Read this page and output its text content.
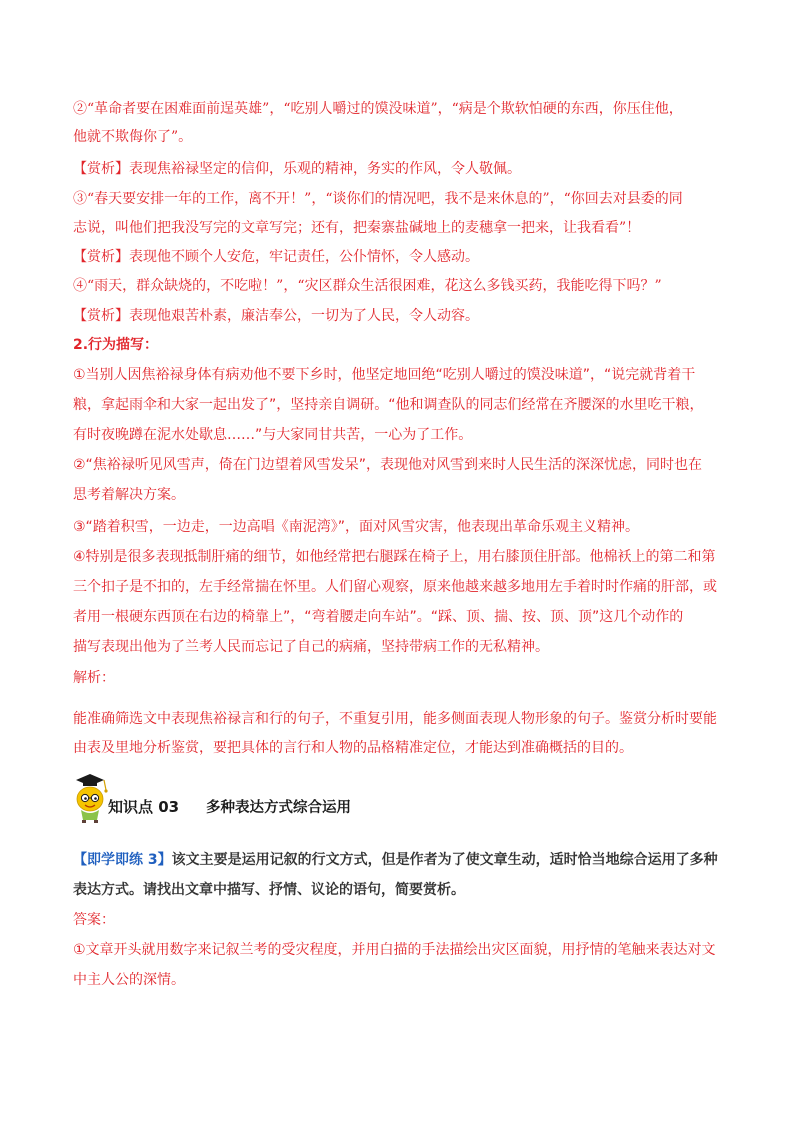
②“革命者要在困难面前逞英雄”，“吃别人嚼过的馍没味道”，“病是个欺软怕硬的东西，你压住他，

他就不欺侮你了”。

【赏析】表现焦裕禄坚定的信仰，乐观的精神，务实的作风，令人敬佩。

③“春天要安排一年的工作，离不开！”，“谈你们的情况吧，我不是来休息的”，“你回去对县委的同

志说，叫他们把我没写完的文章写完；还有，把秦寨盐碱地上的麦穗拿一把来，让我看看”！

【赏析】表现他不顾个人安危，牢记责任，公仆情怀，令人感动。

④“雨天，群众缺烧的，不吃啦！”，“灾区群众生活很困难，花这么多钱买药，我能吃得下吗？”

【赏析】表现他艰苦朴素，廉洁奉公，一切为了人民，令人动容。

2.行为描写：

①当别人因焦裕禄身体有病劝他不要下乡时，他坚定地回绝“吃别人嚼过的馍没味道”，“说完就背着干

粮，拿起雨伞和大家一起出发了”，坚持亲自调研。“他和调查队的同志们经常在齐腰深的水里吃干粮，

有时夜晚蹲在泥水处歇息……”与大家同甘共苦，一心为了工作。

②“焦裕禄听见风雪声，倚在门边望着风雪发呆”，表现他对风雪到来时人民生活的深深忧虑，同时也在

思考着解决方案。

③“踏着积雪，一边走，一边高唱《南泥湾》”，面对风雪灾害，他表现出革命乐观主义精神。

④特别是很多表现抵制肝痛的细节，如他经常把右腿踩在椅子上，用右膝顶住肝部。他棉袄上的第二和第

三个扣子是不扣的，左手经常揣在怀里。人们留心观察，原来他越来越多地用左手着时时作痛的肝部，或

者用一根硬东西顶在右边的椅靠上”，“弯着腰走向车站”。“踩、顶、揣、按、顶、顶”这几个动作的

描写表现出他为了兰考人民而忘记了自己的病痛，坚持带病工作的无私精神。

解析：

能准确筛选文中表现焦裕禄言和行的句子，不重复引用，能多侧面表现人物形象的句子。鉴赏分析时要能

由表及里地分析鉴赏，要把具体的言行和人物的品格精准定位，才能达到准确概括的目的。

知识点 03 多种表达方式综合运用

【即学即练 3】该文主要是运用记叙的行文方式，但是作者为了使文章生动，适时恰当地综合运用了多种

表达方式。请找出文章中描写、抒情、议论的语句，简要赏析。

答案：

①文章开头就用数字来记叙兰考的受灾程度，并用白描的手法描绘出灾区面貌，用抒情的笔触来表达对文

中主人公的深情。
